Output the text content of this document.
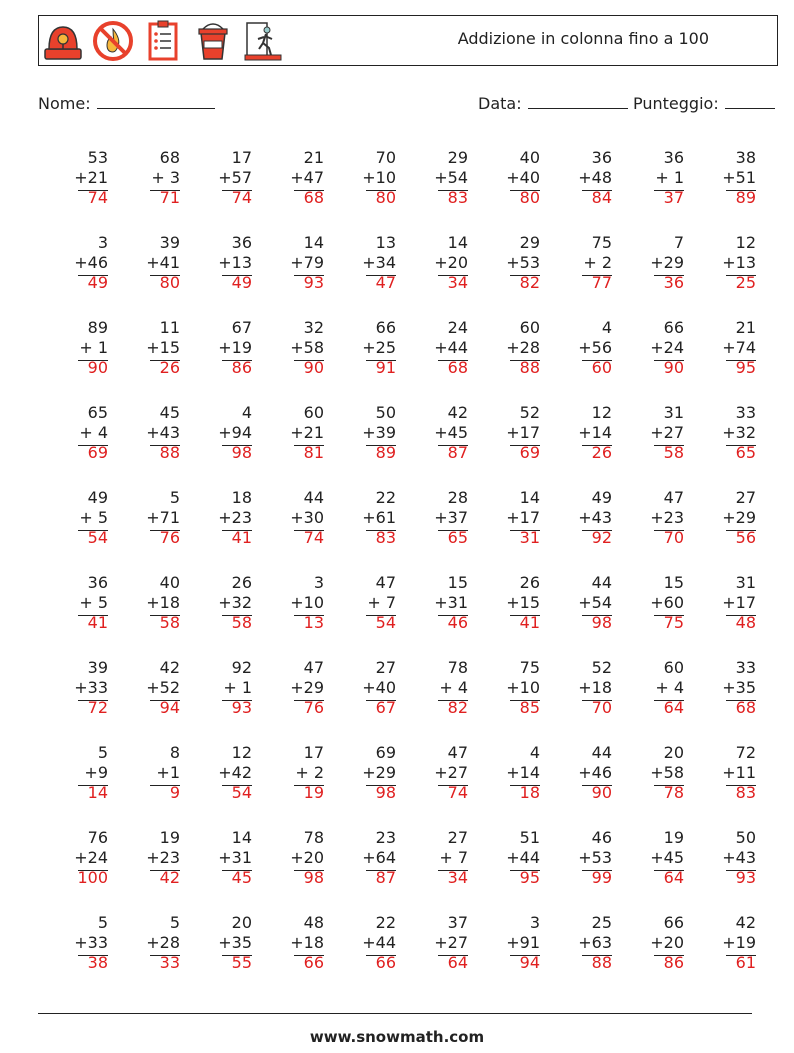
Addizione in colonna fino a 100
Nome:	Data:	Punteggio:
53
+21
74
68
+ 3
71
17
+57
74
21
+47
68
70
+10
80
29
+54
83
40
+40
80
36
+48
84
36
+ 1
37
38
+51
89
3
+46
49
39
+41
80
36
+13
49
14
+79
93
13
+34
47
14
+20
34
29
+53
82
75
+ 2
77
7
+29
36
12
+13
25
89
+ 1
90
11
+15
26
67
+19
86
32
+58
90
66
+25
91
24
+44
68
60
+28
88
4
+56
60
66
+24
90
21
+74
95
65
+ 4
69
45
+43
88
4
+94
98
60
+21
81
50
+39
89
42
+45
87
52
+17
69
12
+14
26
31
+27
58
33
+32
65
49
+ 5
54
5
+71
76
18
+23
41
44
+30
74
22
+61
83
28
+37
65
14
+17
31
49
+43
92
47
+23
70
27
+29
56
36
+ 5
41
40
+18
58
26
+32
58
3
+10
13
47
+ 7
54
15
+31
46
26
+15
41
44
+54
98
15
+60
75
31
+17
48
39
+33
72
42
+52
94
92
+ 1
93
47
+29
76
27
+40
67
78
+ 4
82
75
+10
85
52
+18
70
60
+ 4
64
33
+35
68
5
+9
14
8
+1
9
12
+42
54
17
+ 2
19
69
+29
98
47
+27
74
4
+14
18
44
+46
90
20
+58
78
72
+11
83
76
+24
100
19
+23
42
14
+31
45
78
+20
98
23
+64
87
27
+ 7
34
51
+44
95
46
+53
99
19
+45
64
50
+43
93
5
+33
38
5
+28
33
20
+35
55
48
+18
66
22
+44
66
37
+27
64
3
+91
94
25
+63
88
66
+20
86
42
+19
61
www.snowmath.com
